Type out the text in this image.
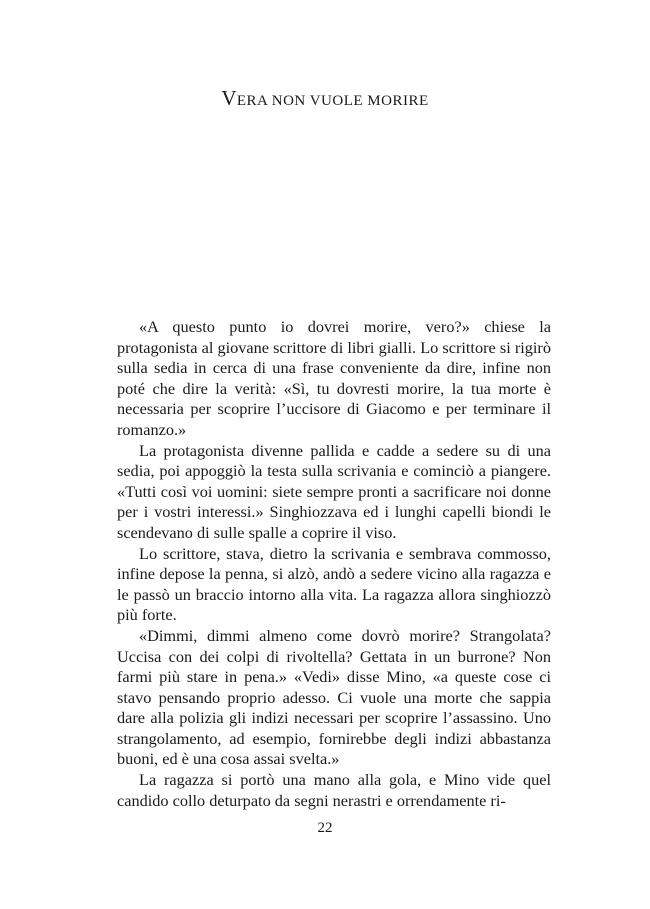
VERA NON VUOLE MORIRE

«A questo punto io dovrei morire, vero?» chiese la protagonista al giovane scrittore di libri gialli. Lo scrittore si rigirò sulla sedia in cerca di una frase conveniente da dire, infine non poté che dire la verità: «Sì, tu dovresti morire, la tua morte è necessaria per scoprire l’uccisore di Giacomo e per terminare il romanzo.»

La protagonista divenne pallida e cadde a sedere su di una sedia, poi appoggiò la testa sulla scrivania e cominciò a piangere. «Tutti così voi uomini: siete sempre pronti a sacrificare noi donne per i vostri interessi.» Singhiozzava ed i lunghi capelli biondi le scendevano di sulle spalle a coprire il viso.

Lo scrittore, stava, dietro la scrivania e sembrava commosso, infine depose la penna, si alzò, andò a sedere vicino alla ragazza e le passò un braccio intorno alla vita. La ragazza allora singhiozzò più forte.

«Dimmi, dimmi almeno come dovrò morire? Strangolata? Uccisa con dei colpi di rivoltella? Gettata in un burrone? Non farmi più stare in pena.» «Vedi» disse Mino, «a queste cose ci stavo pensando proprio adesso. Ci vuole una morte che sappia dare alla polizia gli indizi necessari per scoprire l’assassino. Uno strangolamento, ad esempio, fornirebbe degli indizi abbastanza buoni, ed è una cosa assai svelta.»

La ragazza si portò una mano alla gola, e Mino vide quel candido collo deturpato da segni nerastri e orrendamente ri-

22
